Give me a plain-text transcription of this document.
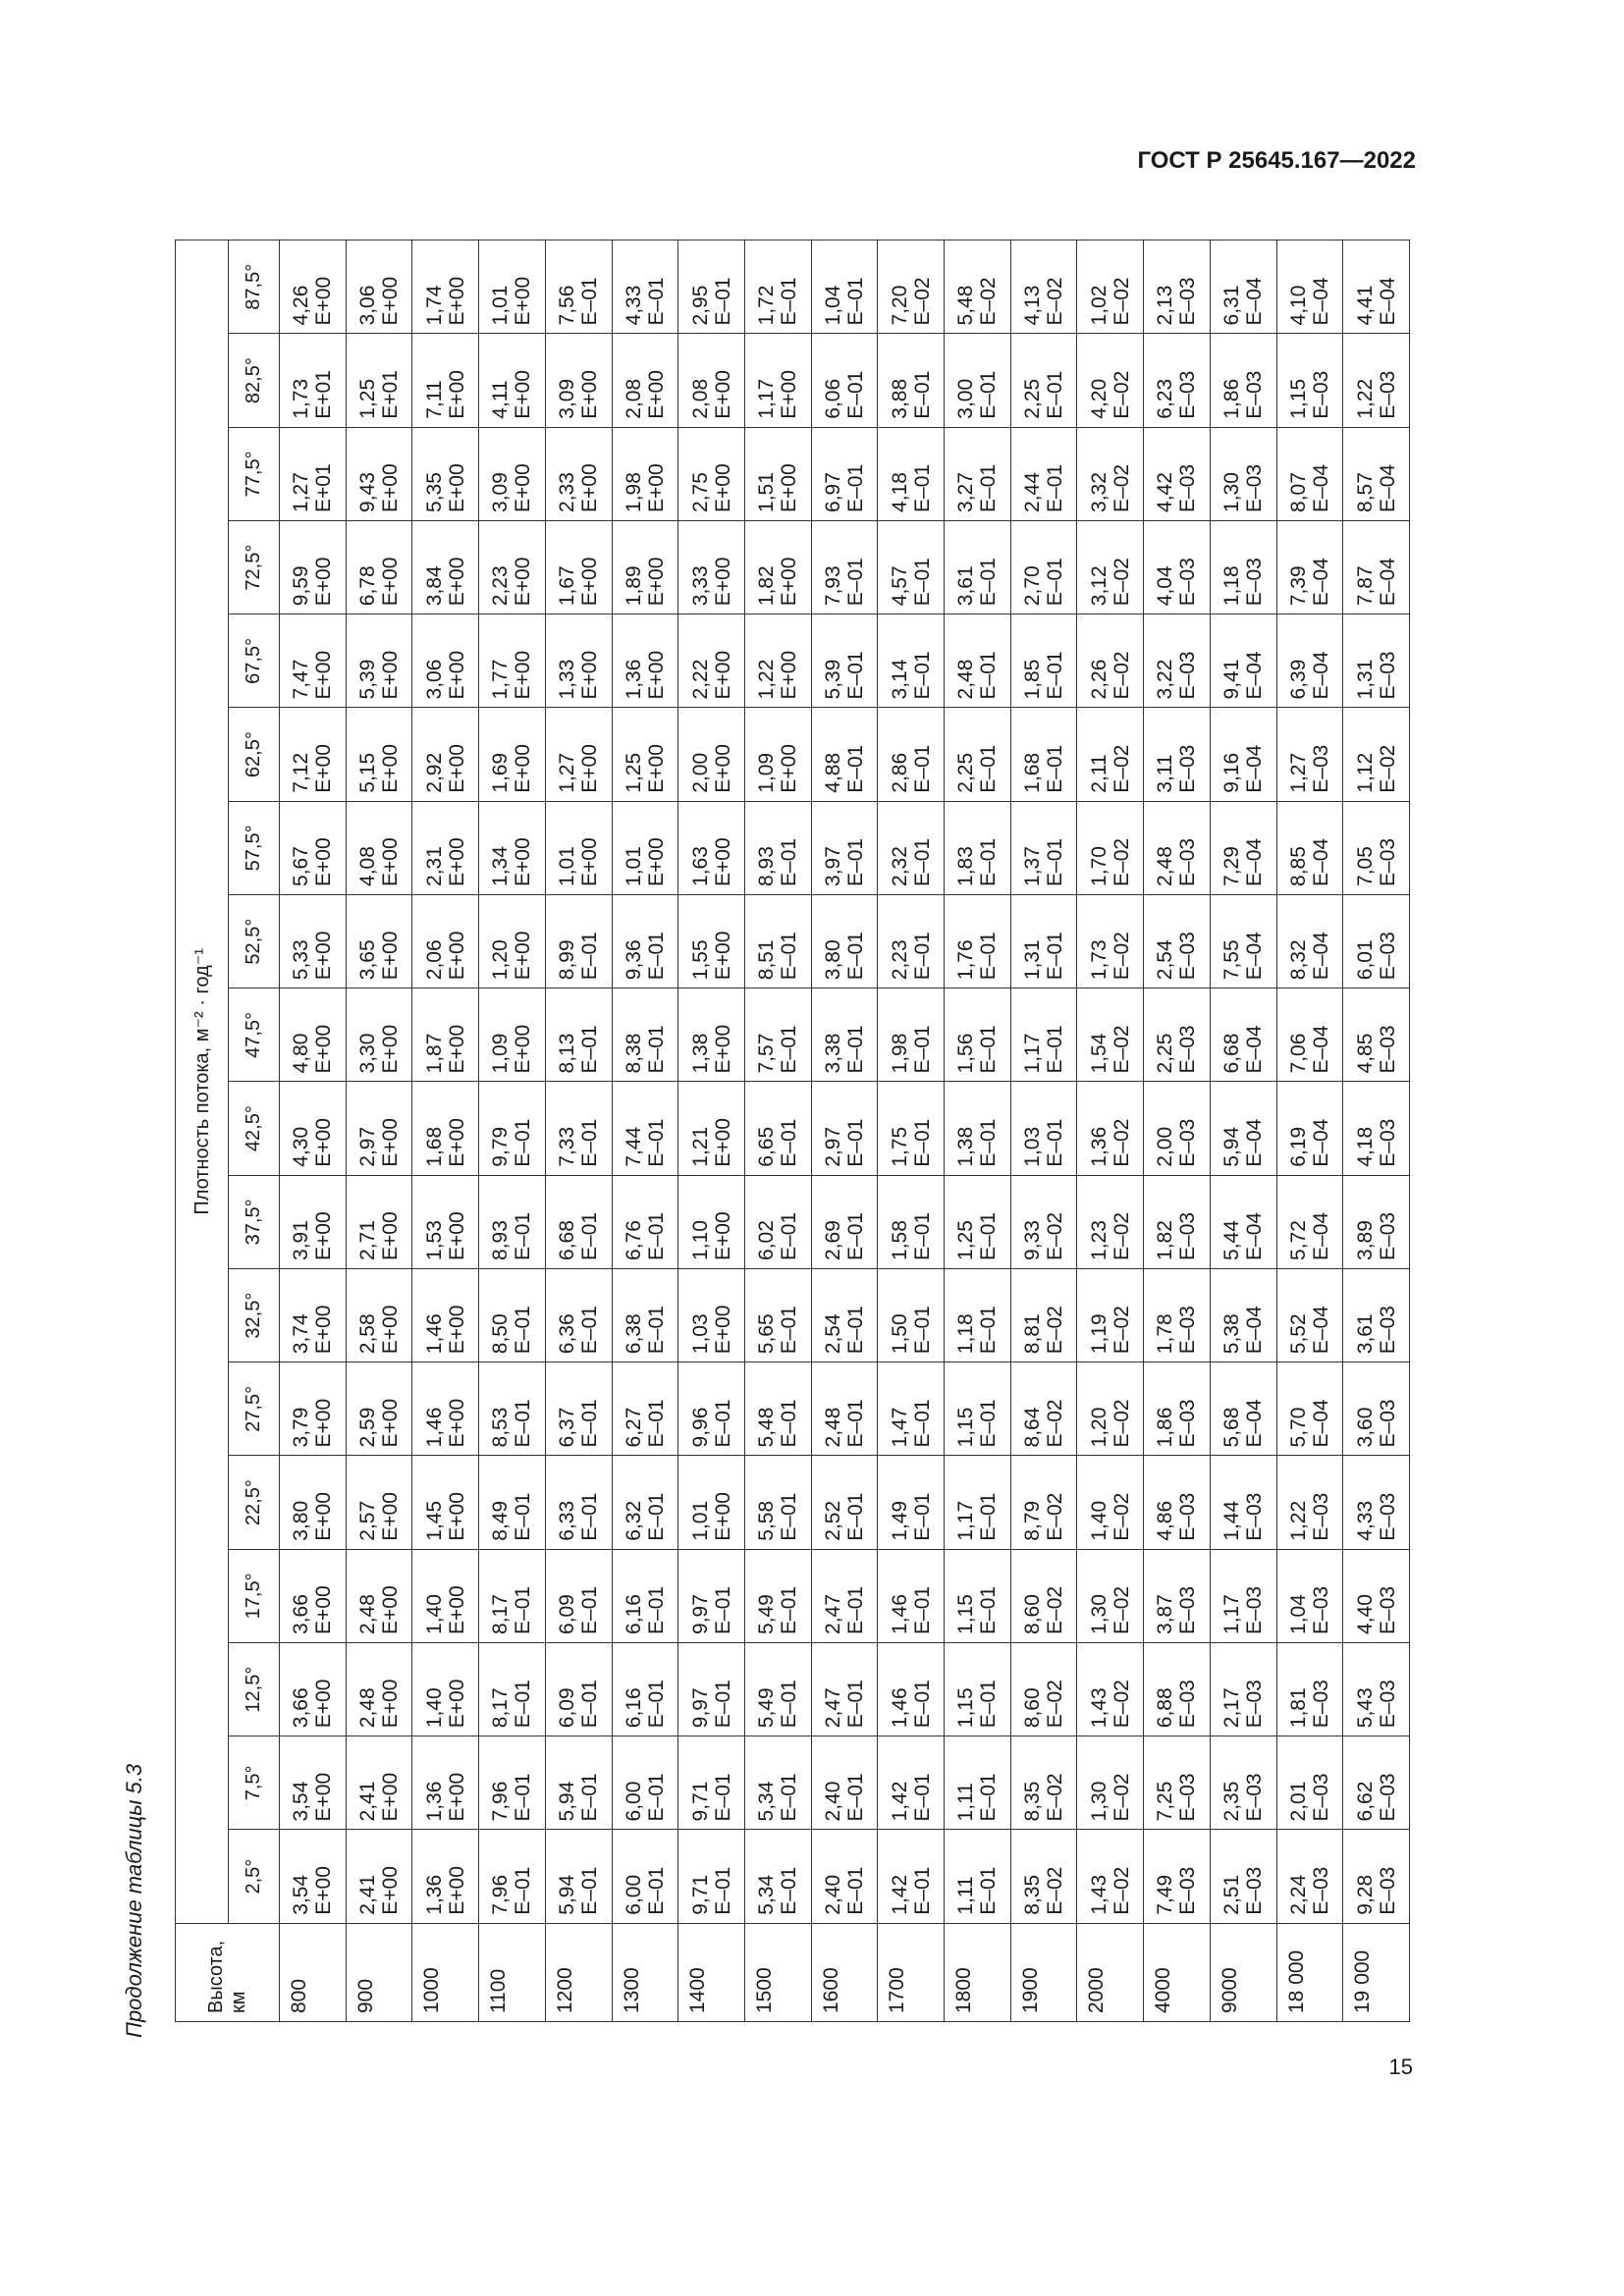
ГОСТ Р 25645.167—2022
Продолжение таблицы 5.3	Высота, км	Плотность потока, м⁻² · год⁻¹																	
	2,5°	7,5°	12,5°	17,5°	22,5°	27,5°	32,5°	37,5°	42,5°	47,5°	52,5°	57,5°	62,5°	67,5°	72,5°	77,5°	82,5°	87,5°
800	3,54 E+00	3,54 E+00	3,66 E+00	3,66 E+00	3,80 E+00	3,79 E+00	3,74 E+00	3,91 E+00	4,30 E+00	4,80 E+00	5,33 E+00	5,67 E+00	7,12 E+00	7,47 E+00	9,59 E+00	1,27 E+01	1,73 E+01	4,26 E+00

900	2,41 E+00	2,41 E+00	2,48 E+00	2,48 E+00	2,57 E+00	2,59 E+00	2,58 E+00	2,71 E+00	2,97 E+00	3,30 E+00	3,65 E+00	4,08 E+00	5,15 E+00	5,39 E+00	6,78 E+00	9,43 E+00	1,25 E+01	3,06 E+00

1000	1,36 E+00	1,36 E+00	1,40 E+00	1,40 E+00	1,45 E+00	1,46 E+00	1,46 E+00	1,53 E+00	1,68 E+00	1,87 E+00	2,06 E+00	2,31 E+00	2,92 E+00	3,06 E+00	3,84 E+00	5,35 E+00	7,11 E+00	1,74 E+00

1100	7,96 E–01	7,96 E–01	8,17 E–01	8,17 E–01	8,49 E–01	8,53 E–01	8,50 E–01	8,93 E–01	9,79 E–01	1,09 E+00	1,20 E+00	1,34 E+00	1,69 E+00	1,77 E+00	2,23 E+00	3,09 E+00	4,11 E+00	1,01 E+00

1200	5,94 E–01	5,94 E–01	6,09 E–01	6,09 E–01	6,33 E–01	6,37 E–01	6,36 E–01	6,68 E–01	7,33 E–01	8,13 E–01	8,99 E–01	1,01 E+00	1,27 E+00	1,33 E+00	1,67 E+00	2,33 E+00	3,09 E+00	7,56 E–01

1300	6,00 E–01	6,00 E–01	6,16 E–01	6,16 E–01	6,32 E–01	6,27 E–01	6,38 E–01	6,76 E–01	7,44 E–01	8,38 E–01	9,36 E–01	1,01 E+00	1,25 E+00	1,36 E+00	1,89 E+00	1,98 E+00	2,08 E+00	4,33 E–01

1400	9,71 E–01	9,71 E–01	9,97 E–01	9,97 E–01	1,01 E+00	9,96 E–01	1,03 E+00	1,10 E+00	1,21 E+00	1,38 E+00	1,55 E+00	1,63 E+00	2,00 E+00	2,22 E+00	3,33 E+00	2,75 E+00	2,08 E+00	2,95 E–01

1500	5,34 E–01	5,34 E–01	5,49 E–01	5,49 E–01	5,58 E–01	5,48 E–01	5,65 E–01	6,02 E–01	6,65 E–01	7,57 E–01	8,51 E–01	8,93 E–01	1,09 E+00	1,22 E+00	1,82 E+00	1,51 E+00	1,17 E+00	1,72 E–01

1600	2,40 E–01	2,40 E–01	2,47 E–01	2,47 E–01	2,52 E–01	2,48 E–01	2,54 E–01	2,69 E–01	2,97 E–01	3,38 E–01	3,80 E–01	3,97 E–01	4,88 E–01	5,39 E–01	7,93 E–01	6,97 E–01	6,06 E–01	1,04 E–01

1700	1,42 E–01	1,42 E–01	1,46 E–01	1,46 E–01	1,49 E–01	1,47 E–01	1,50 E–01	1,58 E–01	1,75 E–01	1,98 E–01	2,23 E–01	2,32 E–01	2,86 E–01	3,14 E–01	4,57 E–01	4,18 E–01	3,88 E–01	7,20 E–02

1800	1,11 E–01	1,11 E–01	1,15 E–01	1,15 E–01	1,17 E–01	1,15 E–01	1,18 E–01	1,25 E–01	1,38 E–01	1,56 E–01	1,76 E–01	1,83 E–01	2,25 E–01	2,48 E–01	3,61 E–01	3,27 E–01	3,00 E–01	5,48 E–02

1900	8,35 E–02	8,35 E–02	8,60 E–02	8,60 E–02	8,79 E–02	8,64 E–02	8,81 E–02	9,33 E–02	1,03 E–01	1,17 E–01	1,31 E–01	1,37 E–01	1,68 E–01	1,85 E–01	2,70 E–01	2,44 E–01	2,25 E–01	4,13 E–02

2000	1,43 E–02	1,30 E–02	1,43 E–02	1,30 E–02	1,40 E–02	1,20 E–02	1,19 E–02	1,23 E–02	1,36 E–02	1,54 E–02	1,73 E–02	1,70 E–02	2,11 E–02	2,26 E–02	3,12 E–02	3,32 E–02	4,20 E–02	1,02 E–02

4000	7,49 E–03	7,25 E–03	6,88 E–03	3,87 E–03	4,86 E–03	1,86 E–03	1,78 E–03	1,82 E–03	2,00 E–03	2,25 E–03	2,54 E–03	2,48 E–03	3,11 E–03	3,22 E–03	4,04 E–03	4,42 E–03	6,23 E–03	2,13 E–03

9000	2,51 E–03	2,35 E–03	2,17 E–03	1,17 E–03	1,44 E–03	5,68 E–04	5,38 E–04	5,44 E–04	5,94 E–04	6,68 E–04	7,55 E–04	7,29 E–04	9,16 E–04	9,41 E–04	1,18 E–03	1,30 E–03	1,86 E–03	6,31 E–04

18 000	2,24 E–03	2,01 E–03	1,81 E–03	1,04 E–03	1,22 E–03	5,70 E–04	5,52 E–04	5,72 E–04	6,19 E–04	7,06 E–04	8,32 E–04	8,85 E–04	1,27 E–03	6,39 E–04	7,39 E–04	8,07 E–04	1,15 E–03	4,10 E–04

19 000	9,28 E–03	6,62 E–03	5,43 E–03	4,40 E–03	4,33 E–03	3,60 E–03	3,61 E–03	3,89 E–03	4,18 E–03	4,85 E–03	6,01 E–03	7,05 E–03	1,12 E–02	1,31 E–03	7,87 E–04	8,57 E–04	1,22 E–03	4,41 E–04
15
